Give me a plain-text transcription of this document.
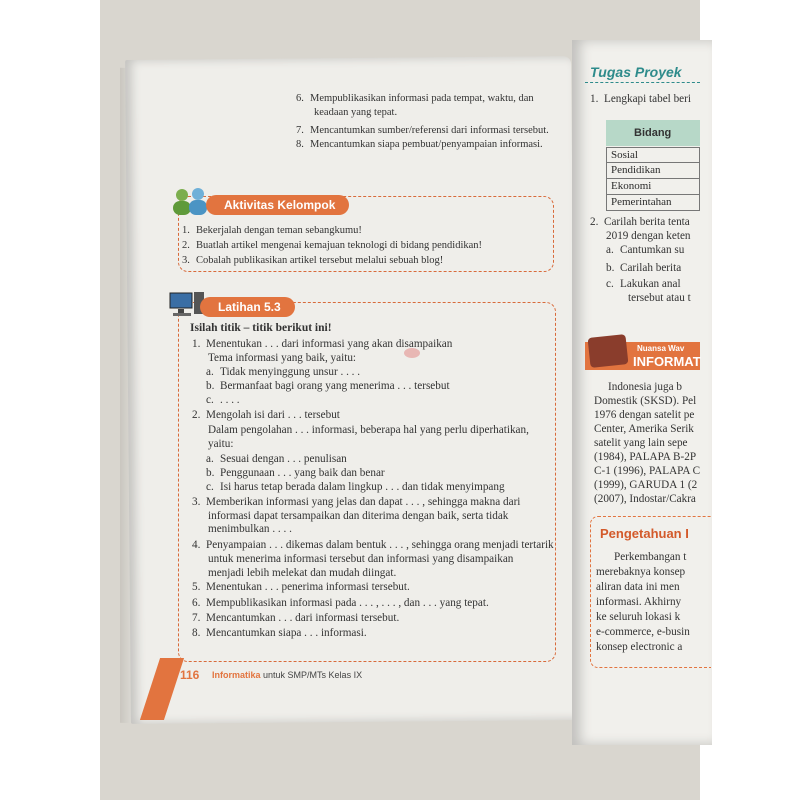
6. Mempublikasikan informasi pada tempat, waktu, dan
keadaan yang tepat.
7. Mencantumkan sumber/referensi dari informasi tersebut.
8. Mencantumkan siapa pembuat/penyampaian informasi.
Aktivitas Kelompok
1. Bekerjalah dengan teman sebangkumu!
2. Buatlah artikel mengenai kemajuan teknologi di bidang pendidikan!
3. Cobalah publikasikan artikel tersebut melalui sebuah blog!
Latihan 5.3
Isilah titik – titik berikut ini!
1. Menentukan . . . dari informasi yang akan disampaikan
Tema informasi yang baik, yaitu:
a. Tidak menyinggung unsur . . . .
b. Bermanfaat bagi orang yang menerima . . . tersebut
c. . . . .
2. Mengolah isi dari . . . tersebut
Dalam pengolahan . . . informasi, beberapa hal yang perlu diperhatikan,
yaitu:
a. Sesuai dengan . . . penulisan
b. Penggunaan . . . yang baik dan benar
c. Isi harus tetap berada dalam lingkup . . . dan tidak menyimpang
3. Memberikan informasi yang jelas dan dapat . . . , sehingga makna dari
informasi dapat tersampaikan dan diterima dengan baik, serta tidak
menimbulkan . . . .
4. Penyampaian . . . dikemas dalam bentuk . . . , sehingga orang menjadi tertarik
untuk menerima informasi tersebut dan informasi yang disampaikan
menjadi lebih melekat dan mudah diingat.
5. Menentukan . . . penerima informasi tersebut.
6. Mempublikasikan informasi pada . . . , . . . , dan . . . yang tepat.
7. Mencantumkan . . . dari informasi tersebut.
8. Mencantumkan siapa . . . informasi.
116 Informatika untuk SMP/MTs Kelas IX
Tugas Proyek
1. Lengkapi tabel beri
Bidang
Sosial
Pendidikan
Ekonomi
Pemerintahan
2. Carilah berita tenta
2019 dengan keten
a. Cantumkan su
b. Carilah berita
c. Lakukan anal
tersebut atau t
Nuansa Wav
INFORMAT
Indonesia juga b
Domestik (SKSD). Pel
1976 dengan satelit pe
Center, Amerika Serik
satelit yang lain sepe
(1984), PALAPA B-2P
C-1 (1996), PALAPA C
(1999), GARUDA 1 (2
(2007), Indostar/Cakra
Pengetahuan I
Perkembangan t
merebaknya konsep
aliran data ini men
informasi. Akhirny
ke seluruh lokasi k
e-commerce, e-busin
konsep electronic a
